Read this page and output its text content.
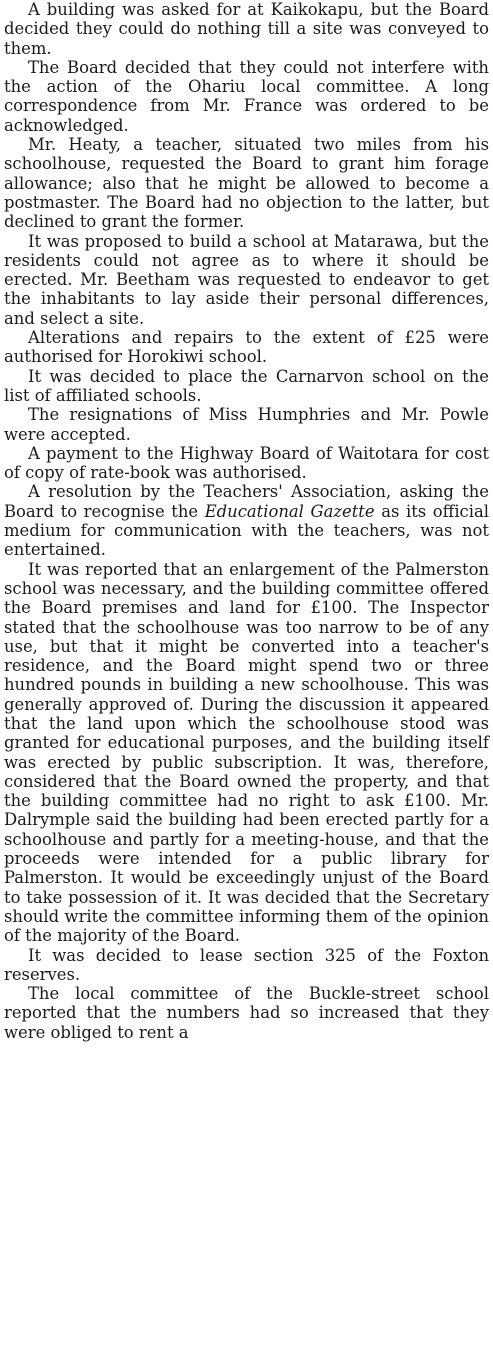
A building was asked for at Kaikokapu, but the Board decided they could do nothing till a site was conveyed to them.

The Board decided that they could not interfere with the action of the Ohariu local committee. A long correspondence from Mr. France was ordered to be acknowledged.

Mr. Heaty, a teacher, situated two miles from his schoolhouse, requested the Board to grant him forage allowance; also that he might be allowed to become a postmaster. The Board had no objection to the latter, but declined to grant the former.

It was proposed to build a school at Matarawa, but the residents could not agree as to where it should be erected. Mr. Beetham was requested to endeavor to get the inhabitants to lay aside their personal differences, and select a site.

Alterations and repairs to the extent of £25 were authorised for Horokiwi school.

It was decided to place the Carnarvon school on the list of affiliated schools.

The resignations of Miss Humphries and Mr. Powle were accepted.

A payment to the Highway Board of Waitotara for cost of copy of rate-book was authorised.

A resolution by the Teachers' Association, asking the Board to recognise the Educational Gazette as its official medium for communication with the teachers, was not entertained.

It was reported that an enlargement of the Palmerston school was necessary, and the building committee offered the Board premises and land for £100. The Inspector stated that the schoolhouse was too narrow to be of any use, but that it might be converted into a teacher's residence, and the Board might spend two or three hundred pounds in building a new schoolhouse. This was generally approved of. During the discussion it appeared that the land upon which the schoolhouse stood was granted for educational purposes, and the building itself was erected by public subscription. It was, therefore, considered that the Board owned the property, and that the building committee had no right to ask £100. Mr. Dalrymple said the building had been erected partly for a schoolhouse and partly for a meeting-house, and that the proceeds were intended for a public library for Palmerston. It would be exceedingly unjust of the Board to take possession of it. It was decided that the Secretary should write the committee informing them of the opinion of the majority of the Board.

It was decided to lease section 325 of the Foxton reserves.

The local committee of the Buckle-street school reported that the numbers had so increased that they were obliged to rent a
